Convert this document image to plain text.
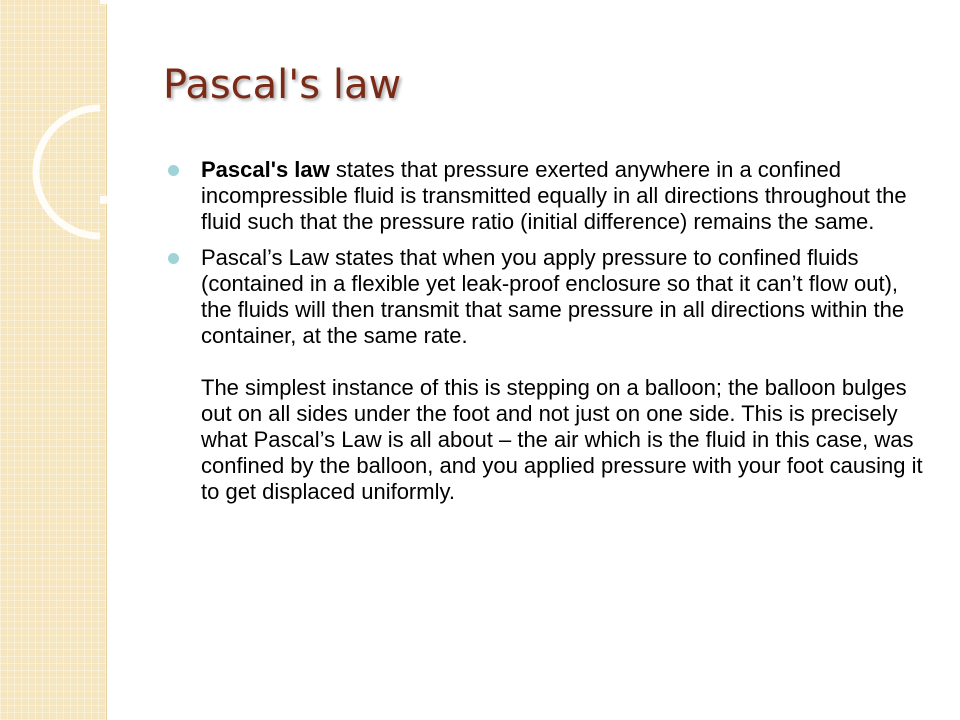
Pascal's law
Pascal's law states that pressure exerted anywhere in a confined incompressible fluid is transmitted equally in all directions throughout the fluid such that the pressure ratio (initial difference) remains the same.
Pascal’s Law states that when you apply pressure to confined fluids (contained in a flexible yet leak-proof enclosure so that it can’t flow out), the fluids will then transmit that same pressure in all directions within the container, at the same rate.
The simplest instance of this is stepping on a balloon; the balloon bulges out on all sides under the foot and not just on one side. This is precisely what Pascal’s Law is all about – the air which is the fluid in this case, was confined by the balloon, and you applied pressure with your foot causing it to get displaced uniformly.
